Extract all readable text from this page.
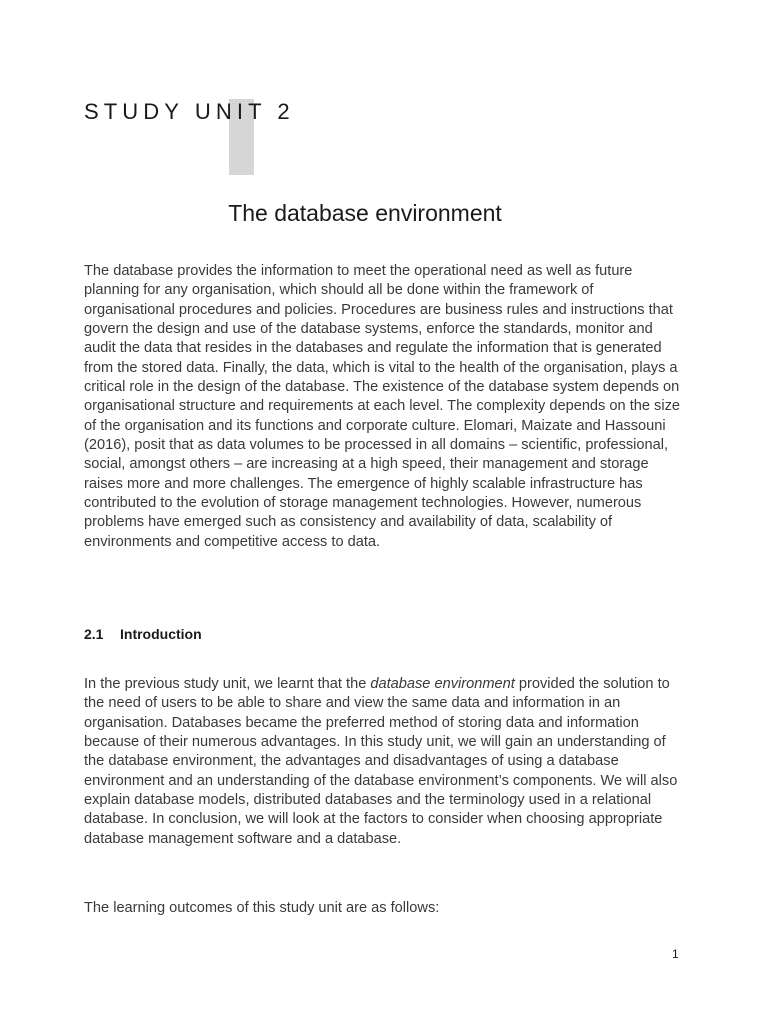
STUDY UNIT 2
The database environment

The database provides the information to meet the operational need as well as future planning for any organisation, which should all be done within the framework of organisational procedures and policies. Procedures are business rules and instructions that govern the design and use of the database systems, enforce the standards, monitor and audit the data that resides in the databases and regulate the information that is generated from the stored data. Finally, the data, which is vital to the health of the organisation, plays a critical role in the design of the database. The existence of the database system depends on organisational structure and requirements at each level. The complexity depends on the size of the organisation and its functions and corporate culture. Elomari, Maizate and Hassouni (2016), posit that as data volumes to be processed in all domains – scientific, professional, social, amongst others – are increasing at a high speed, their management and storage raises more and more challenges. The emergence of highly scalable infrastructure has contributed to the evolution of storage management technologies. However, numerous problems have emerged such as consistency and availability of data, scalability of environments and competitive access to data.

2.1 Introduction

In the previous study unit, we learnt that the database environment provided the solution to the need of users to be able to share and view the same data and information in an organisation. Databases became the preferred method of storing data and information because of their numerous advantages. In this study unit, we will gain an understanding of the database environment, the advantages and disadvantages of using a database environment and an understanding of the database environment’s components. We will also explain database models, distributed databases and the terminology used in a relational database. In conclusion, we will look at the factors to consider when choosing appropriate database management software and a database.

The learning outcomes of this study unit are as follows:

1
